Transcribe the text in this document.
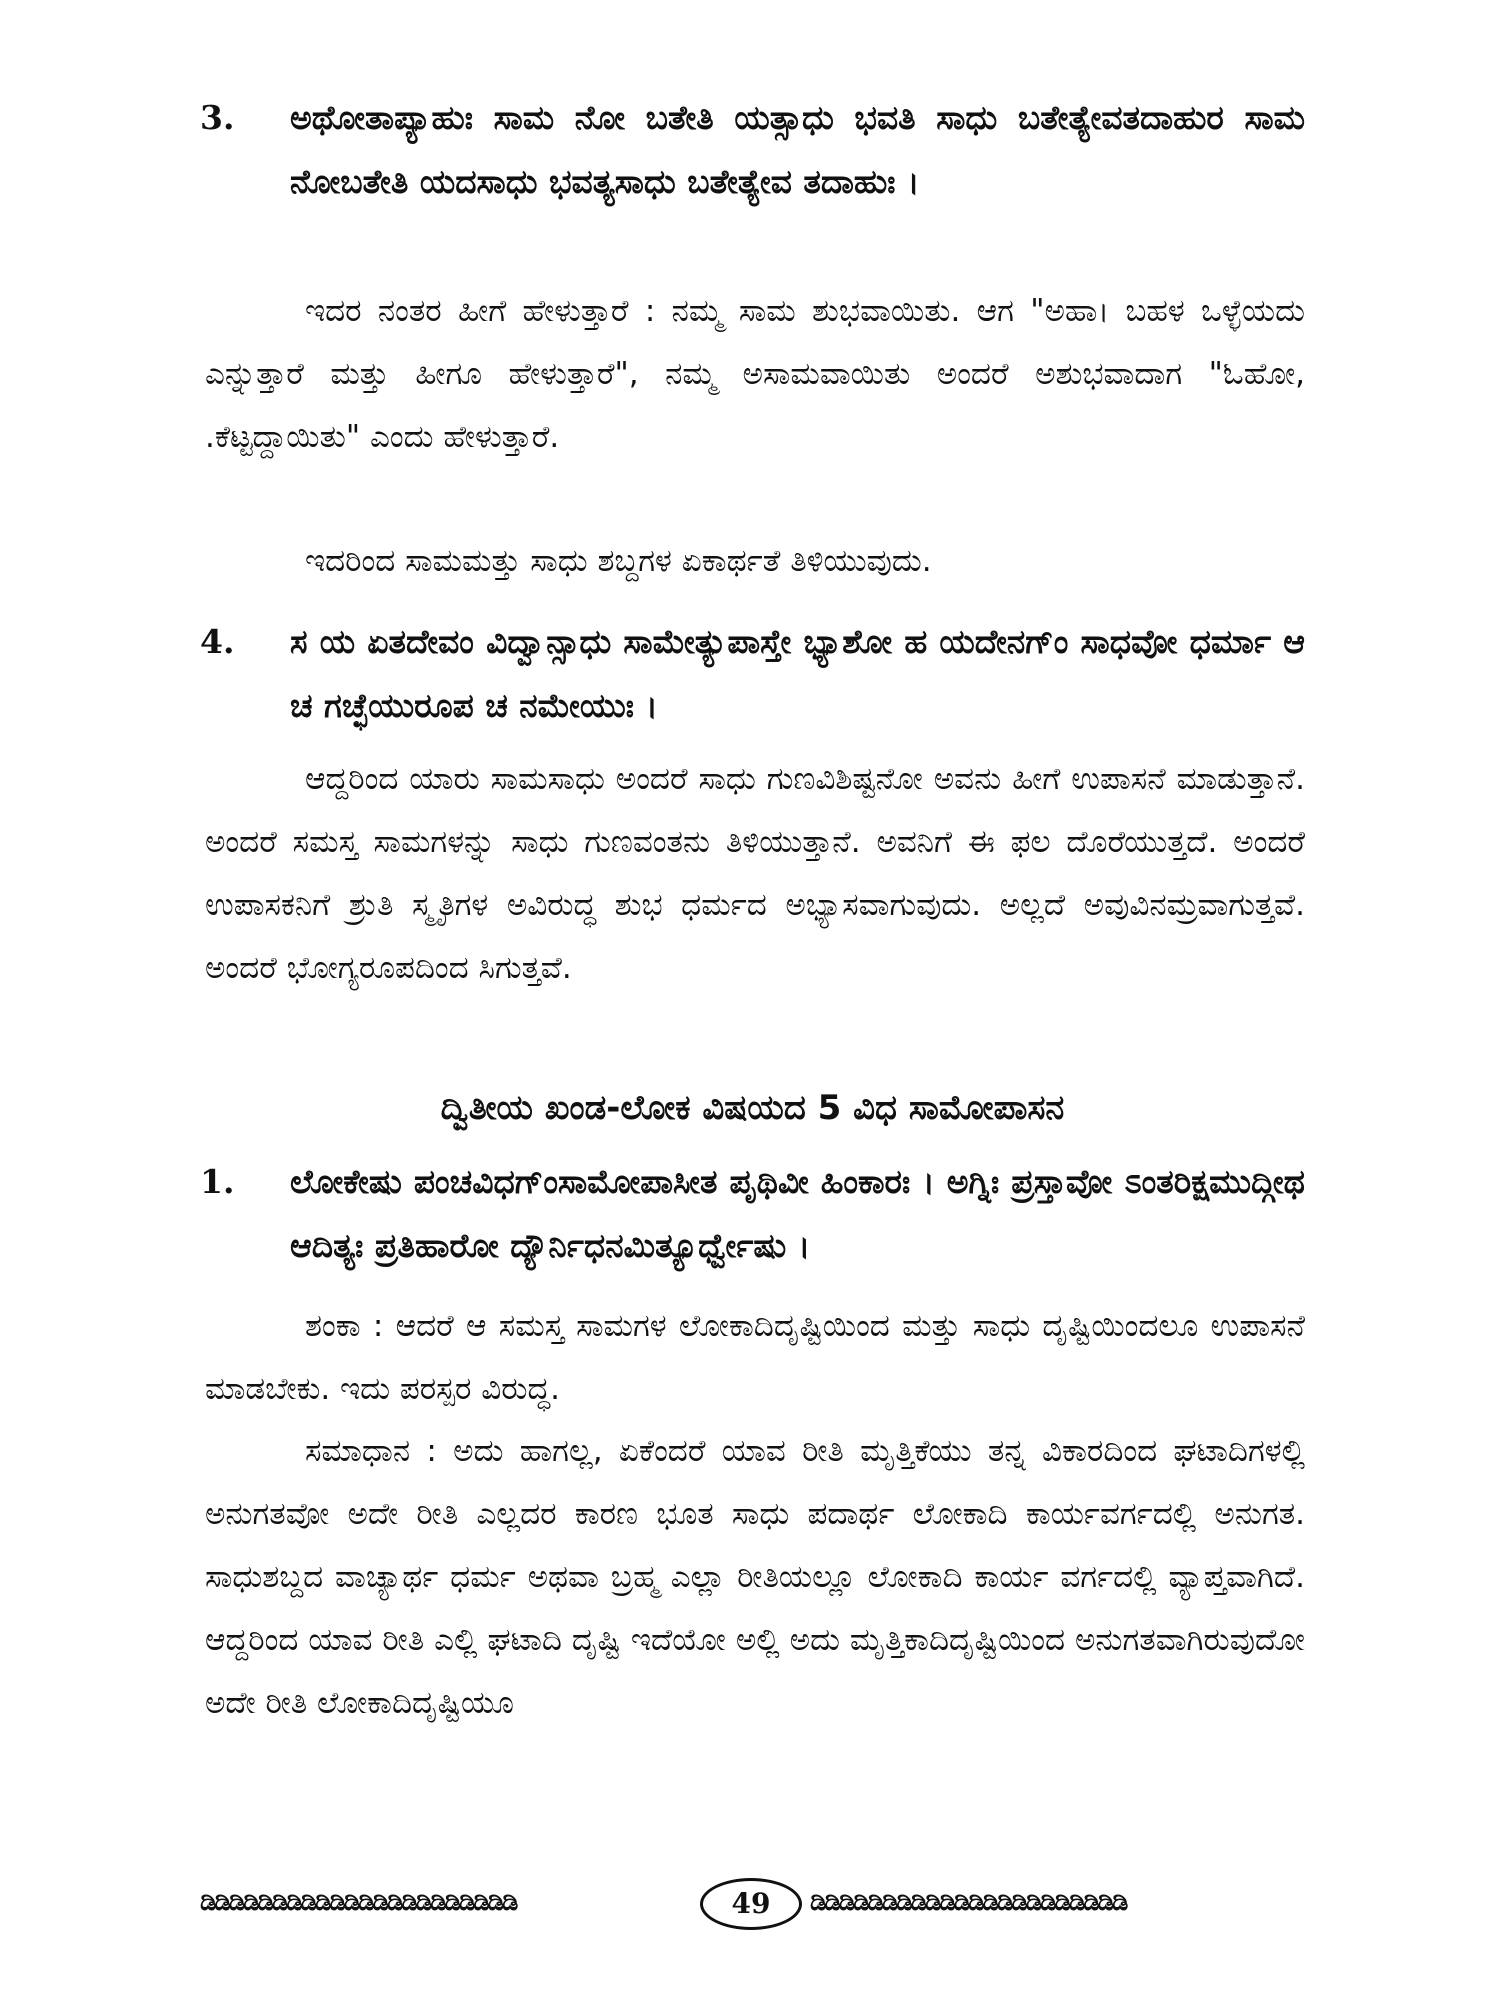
3. ಅಥೋತಾಪ್ಯಾಹುಃ ಸಾಮ ನೋ ಬತೇತಿ ಯತ್ಸಾಧು ಭವತಿ ಸಾಧು ಬತೇತ್ಯೇವತದಾಹುರ ಸಾಮ ನೋಬತೇತಿ ಯದಸಾಧು ಭವತ್ಯಸಾಧು ಬತೇತ್ಯೇವ ತದಾಹುಃ ।

ಇದರ ನಂತರ ಹೀಗೆ ಹೇಳುತ್ತಾರೆ : ನಮ್ಮ ಸಾಮ ಶುಭವಾಯಿತು. ಆಗ "ಅಹಾ। ಬಹಳ ಒಳ್ಳೆಯದು ಎನ್ನುತ್ತಾರೆ ಮತ್ತು ಹೀಗೂ ಹೇಳುತ್ತಾರೆ", ನಮ್ಮ ಅಸಾಮವಾಯಿತು ಅಂದರೆ ಅಶುಭವಾದಾಗ "ಓಹೋ, .ಕೆಟ್ಟದ್ದಾಯಿತು" ಎಂದು ಹೇಳುತ್ತಾರೆ.

ಇದರಿಂದ ಸಾಮಮತ್ತು ಸಾಧು ಶಬ್ದಗಳ ಏಕಾರ್ಥತೆ ತಿಳಿಯುವುದು.

4. ಸ ಯ ಏತದೇವಂ ವಿದ್ವಾನ್ಸಾಧು ಸಾಮೇತ್ಯುಪಾಸ್ತೇ ಭ್ಯಾಶೋ ಹ ಯದೇನಗ್ಂ ಸಾಧವೋ ಧರ್ಮಾ ಆ ಚ ಗಚ್ಛೆಯುರೂಪ ಚ ನಮೇಯುಃ ।

ಆದ್ದರಿಂದ ಯಾರು ಸಾಮಸಾಧು ಅಂದರೆ ಸಾಧು ಗುಣವಿಶಿಷ್ಟನೋ ಅವನು ಹೀಗೆ ಉಪಾಸನೆ ಮಾಡುತ್ತಾನೆ. ಅಂದರೆ ಸಮಸ್ತ ಸಾಮಗಳನ್ನು ಸಾಧು ಗುಣವಂತನು ತಿಳಿಯುತ್ತಾನೆ. ಅವನಿಗೆ ಈ ಫಲ ದೊರೆಯುತ್ತದೆ. ಅಂದರೆ ಉಪಾಸಕನಿಗೆ ಶ್ರುತಿ ಸ್ಮೃತಿಗಳ ಅವಿರುದ್ಧ ಶುಭ ಧರ್ಮದ ಅಭ್ಯಾಸವಾಗುವುದು. ಅಲ್ಲದೆ ಅವುವಿನಮ್ರವಾಗುತ್ತವೆ. ಅಂದರೆ ಭೋಗ್ಯರೂಪದಿಂದ ಸಿಗುತ್ತವೆ.

ದ್ವಿತೀಯ ಖಂಡ-ಲೋಕ ವಿಷಯದ 5 ವಿಧ ಸಾಮೋಪಾಸನ
1. ಲೋಕೇಷು ಪಂಚವಿಧಗ್ಂಸಾಮೋಪಾಸೀತ ಪೃಥಿವೀ ಹಿಂಕಾರಃ । ಅಗ್ನಿಃ ಪ್ರಸ್ತಾವೋ ಽಂತರಿಕ್ಷಮುದ್ಗೀಥ ಆದಿತ್ಯಃ ಪ್ರತಿಹಾರೋ ದ್ಯೌರ್ನಿಧನಮಿತ್ಯೂರ್ಧ್ವೇಷು ।

ಶಂಕಾ : ಆದರೆ ಆ ಸಮಸ್ತ ಸಾಮಗಳ ಲೋಕಾದಿದೃಷ್ಟಿಯಿಂದ ಮತ್ತು ಸಾಧು ದೃಷ್ಟಿಯಿಂದಲೂ ಉಪಾಸನೆ ಮಾಡಬೇಕು. ಇದು ಪರಸ್ಪರ ವಿರುದ್ಧ.

ಸಮಾಧಾನ : ಅದು ಹಾಗಲ್ಲ, ಏಕೆಂದರೆ ಯಾವ ರೀತಿ ಮೃತ್ತಿಕೆಯು ತನ್ನ ವಿಕಾರದಿಂದ ಘಟಾದಿಗಳಲ್ಲಿ ಅನುಗತವೋ ಅದೇ ರೀತಿ ಎಲ್ಲದರ ಕಾರಣ ಭೂತ ಸಾಧು ಪದಾರ್ಥ ಲೋಕಾದಿ ಕಾರ್ಯವರ್ಗದಲ್ಲಿ ಅನುಗತ. ಸಾಧುಶಬ್ದದ ವಾಚ್ಯಾರ್ಥ ಧರ್ಮ ಅಥವಾ ಬ್ರಹ್ಮ ಎಲ್ಲಾ ರೀತಿಯಲ್ಲೂ ಲೋಕಾದಿ ಕಾರ್ಯ ವರ್ಗದಲ್ಲಿ ವ್ಯಾಪ್ತವಾಗಿದೆ. ಆದ್ದರಿಂದ ಯಾವ ರೀತಿ ಎಲ್ಲಿ ಘಟಾದಿ ದೃಷ್ಟಿ ಇದೆಯೋ ಅಲ್ಲಿ ಅದು ಮೃತ್ತಿಕಾದಿದೃಷ್ಟಿಯಿಂದ ಅನುಗತವಾಗಿರುವುದೋ ಅದೇ ರೀತಿ ಲೋಕಾದಿದೃಷ್ಟಿಯೂ

ಡಿಡಿಡಿಡಿಡಿಡಿಡಿಡಿಡಿಡಿಡಿಡಿಡಿಡಿಡಿಡಿಡಿಡಿಡಿಡಿಡಿಡಿ	49	ಡಿಡಿಡಿಡಿಡಿಡಿಡಿಡಿಡಿಡಿಡಿಡಿಡಿಡಿಡಿಡಿಡಿಡಿಡಿಡಿಡಿಡಿ
